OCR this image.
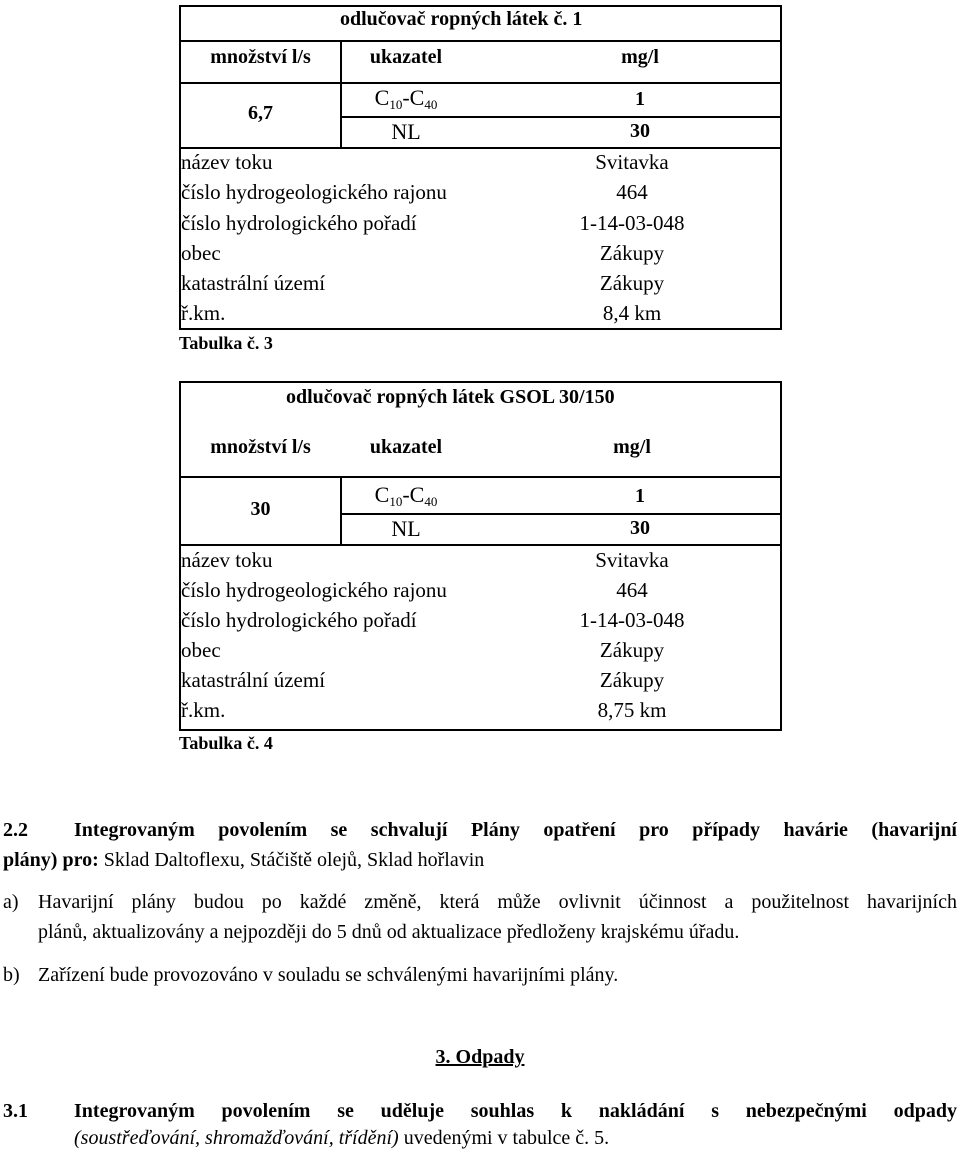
odlučovač ropných látek č. 1
množství l/s	ukazatel	mg/l
6,7
$C_{10}-C_{40}$	1
NL	30
název toku	Svitavka
číslo hydrogeologického rajonu	464
číslo hydrologického pořadí	1-14-03-048
obec	Zákupy
katastrální území	Zákupy
ř.km.	8,4 km
Tabulka č. 3
odlučovač ropných látek GSOL 30/150
množství l/s	ukazatel	mg/l
30
$C_{10}-C_{40}$	1
NL	30
název toku	Svitavka
číslo hydrogeologického rajonu	464
číslo hydrologického pořadí	1-14-03-048
obec	Zákupy
katastrální území	Zákupy
ř.km.	8,75 km
Tabulka č. 4
2.2 Integrovaným povolením se schvalují Plány opatření pro případy havárie (havarijní
plány) pro: Sklad Daltoflexu, Stáčiště olejů, Sklad hořlavin
a) Havarijní plány budou po každé změně, která může ovlivnit účinnost a použitelnost havarijních
plánů, aktualizovány a nejpozději do 5 dnů od aktualizace předloženy krajskému úřadu.
b) Zařízení bude provozováno v souladu se schválenými havarijními plány.
3. Odpady
3.1 Integrovaným povolením se uděluje souhlas k nakládání s nebezpečnými odpady
(soustřeďování, shromažďování, třídění) uvedenými v tabulce č. 5.
